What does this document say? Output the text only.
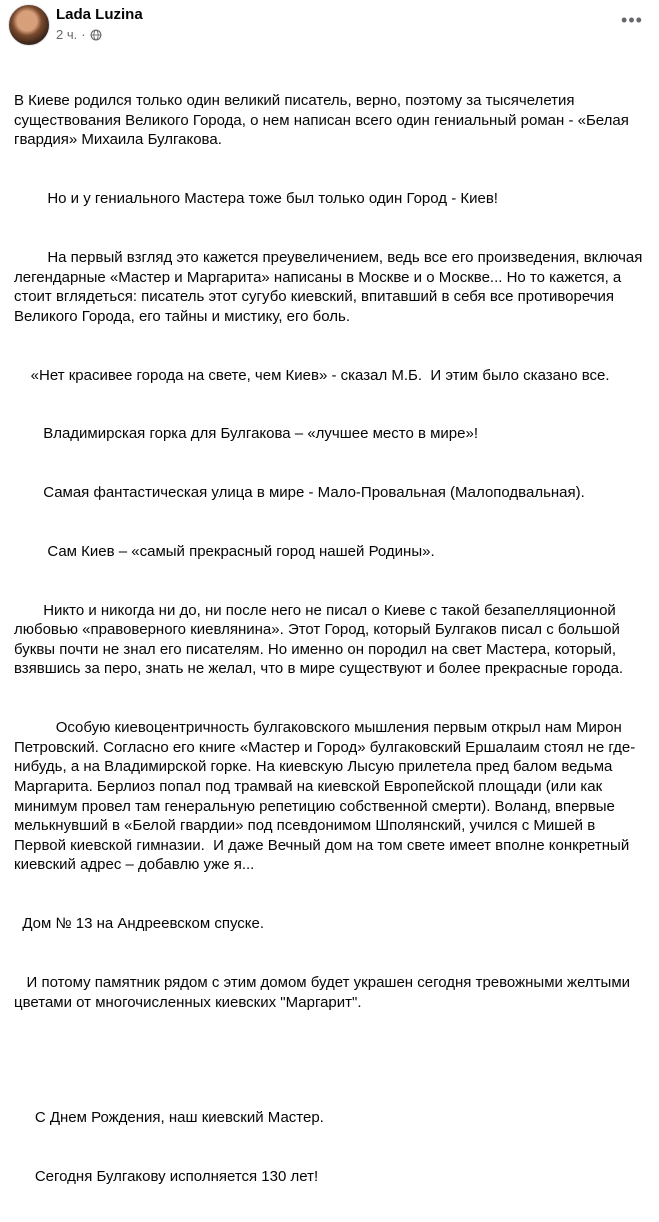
Lada Luzina
2 ч. ·
•••

В Киеве родился только один великий писатель, верно, поэтому за тысячелетия существования Великого Города, о нем написан всего один гениальный роман - «Белая гвардия» Михаила Булгакова.

Но и у гениального Мастера тоже был только один Город - Киев!

На первый взгляд это кажется преувеличением, ведь все его произведения, включая легендарные «Мастер и Маргарита» написаны в Москве и о Москве... Но то кажется, а стоит вглядеться: писатель этот сугубо киевский, впитавший в себя все противоречия Великого Города, его тайны и мистику, его боль.

«Нет красивее города на свете, чем Киев» - сказал М.Б.  И этим было сказано все.

Владимирская горка для Булгакова – «лучшее место в мире»!

Самая фантастическая улица в мире - Мало-Провальная (Малоподвальная).

Сам Киев – «самый прекрасный город нашей Родины».

Никто и никогда ни до, ни после него не писал о Киеве с такой безапелляционной любовью «правоверного киевлянина». Этот Город, который Булгаков писал с большой буквы почти не знал его писателям. Но именно он породил на свет Мастера, который, взявшись за перо, знать не желал, что в мире существуют и более прекрасные города.

Особую киевоцентричность булгаковского мышления первым открыл нам Мирон Петровский. Согласно его книге «Мастер и Город» булгаковский Ершалаим стоял не где-нибудь, а на Владимирской горке. На киевскую Лысую прилетела пред балом ведьма Маргарита. Берлиоз попал под трамвай на киевской Европейской площади (или как минимум провел там генеральную репетицию собственной смерти). Воланд, впервые мелькнувший в «Белой гвардии» под псевдонимом Шполянский, учился с Мишей в Первой киевской гимназии.  И даже Вечный дом на том свете имеет вполне конкретный киевский адрес – добавлю уже я...

Дом № 13 на Андреевском спуске.

И потому памятник рядом с этим домом будет украшен сегодня тревожными желтыми цветами от многочисленных киевских "Маргарит".

С Днем Рождения, наш киевский Мастер.

Сегодня Булгакову исполняется 130 лет!
